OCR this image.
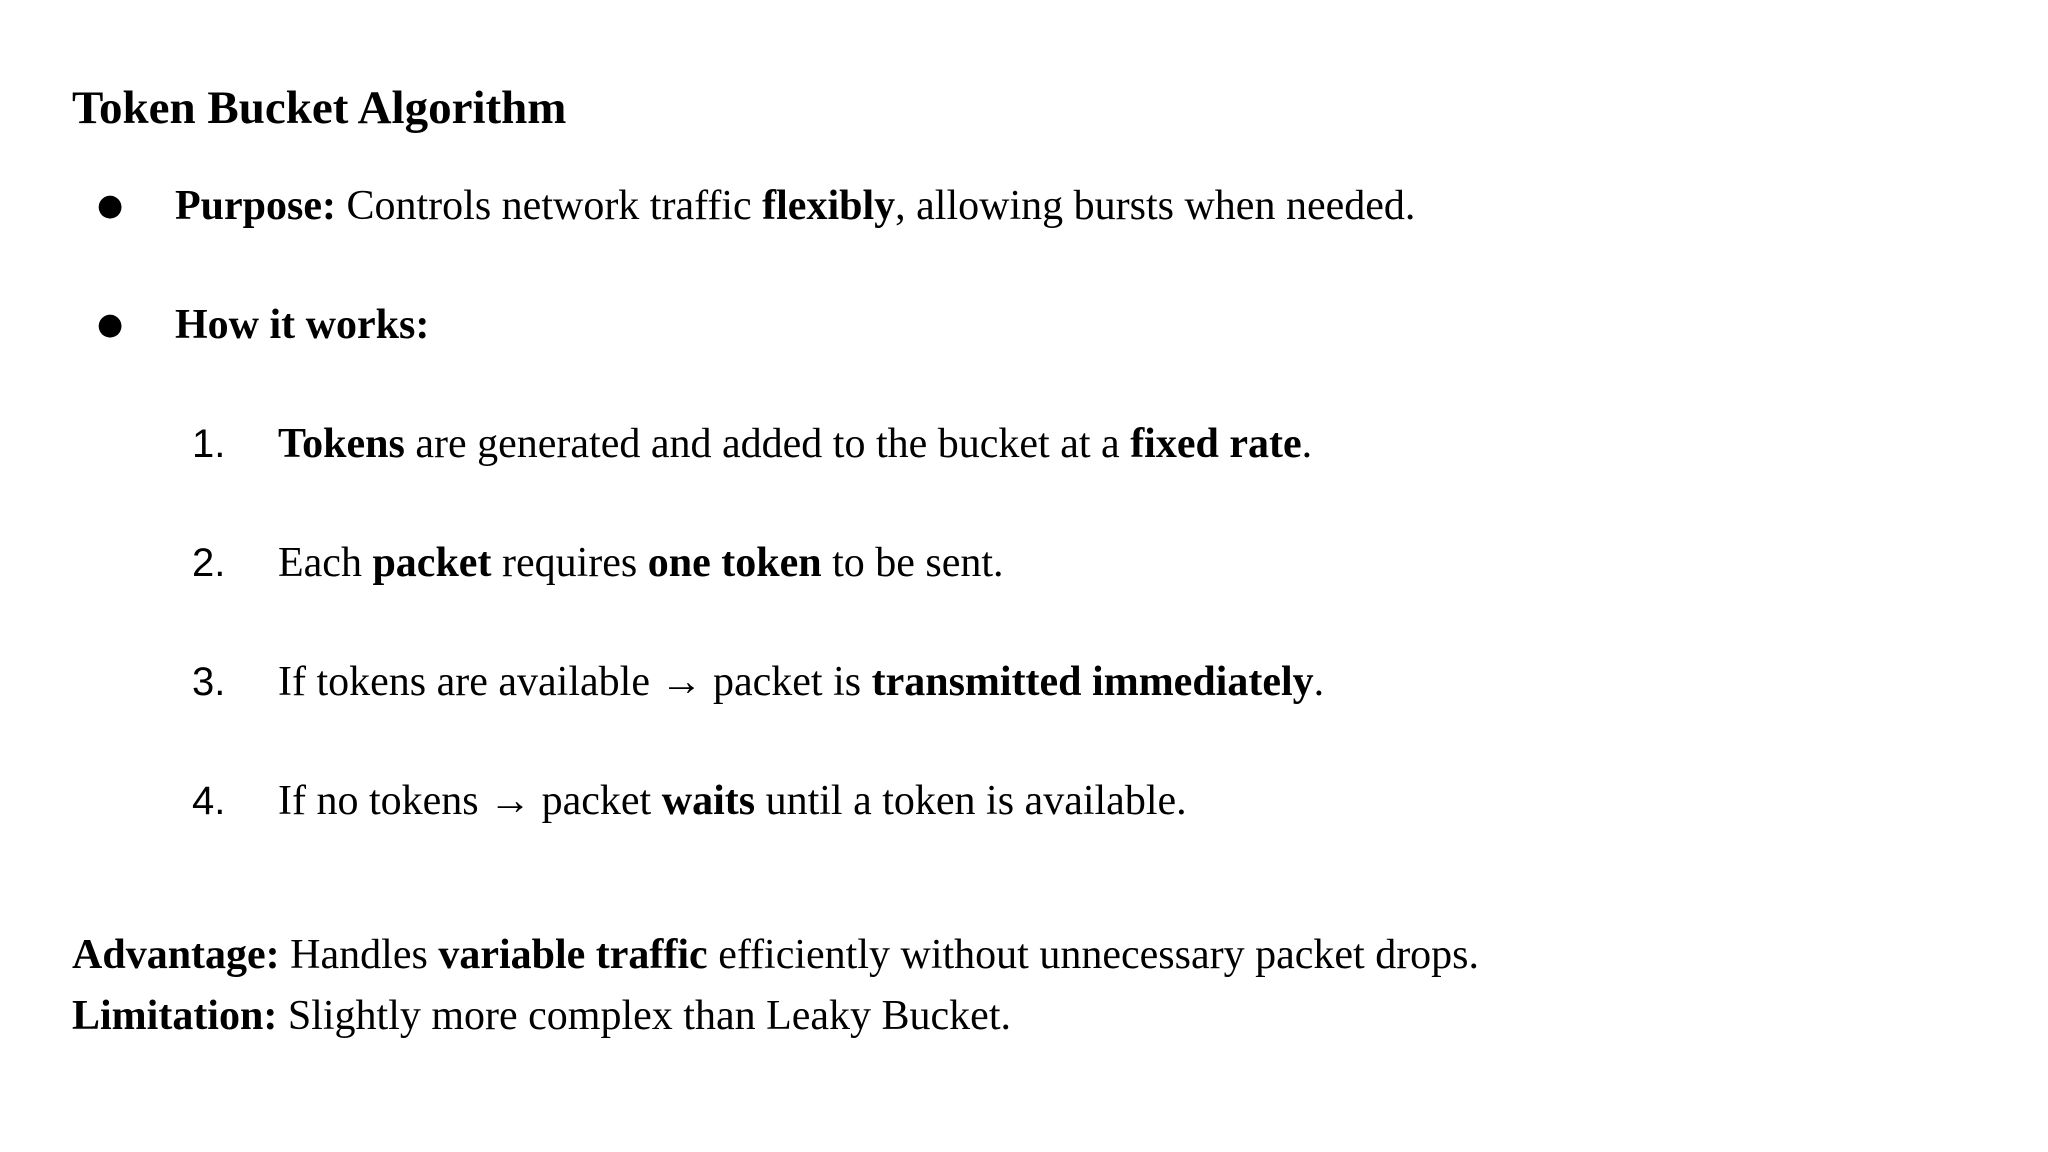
Token Bucket Algorithm
● Purpose: Controls network traffic flexibly, allowing bursts when needed.
● How it works:
1. Tokens are generated and added to the bucket at a fixed rate.
2. Each packet requires one token to be sent.
3. If tokens are available → packet is transmitted immediately.
4. If no tokens → packet waits until a token is available.
Advantage: Handles variable traffic efficiently without unnecessary packet drops.
Limitation: Slightly more complex than Leaky Bucket.
